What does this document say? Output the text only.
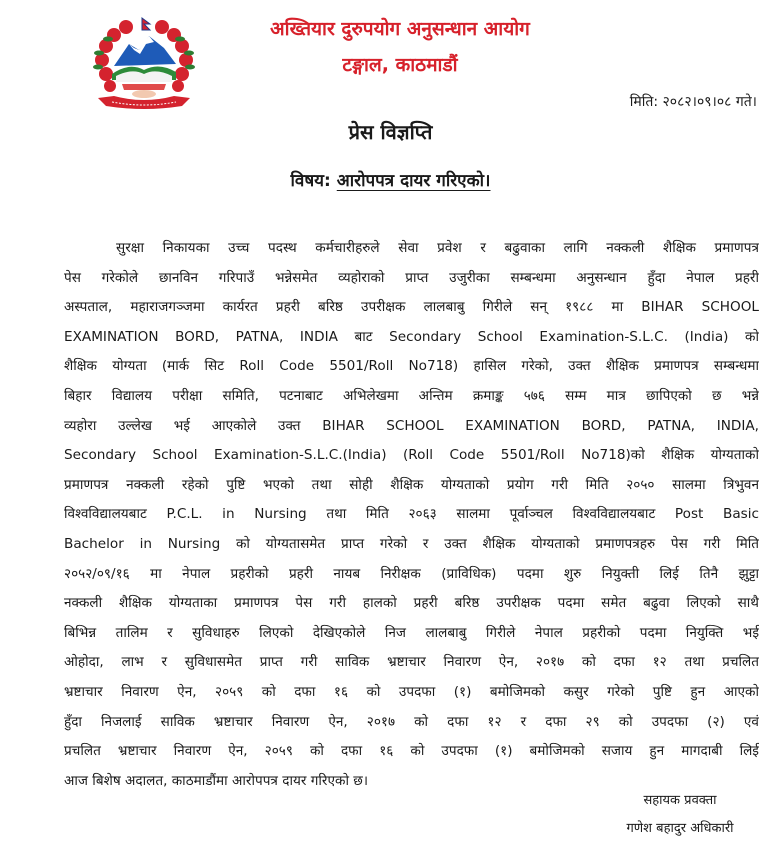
अख्तियार दुरुपयोग अनुसन्धान आयोग
टङ्गाल, काठमाडौं
मिति: २०८२।०९।०८ गते।
प्रेस विज्ञप्ति
विषय: आरोपपत्र दायर गरिएको।
सुरक्षा निकायका उच्च पदस्थ कर्मचारीहरुले सेवा प्रवेश र बढुवाका लागि नक्कली शैक्षिक प्रमाणपत्र
पेस गरेकोले छानविन गरिपाउँ भन्नेसमेत व्यहोराको प्राप्त उजुरीका सम्बन्धमा अनुसन्धान हुँदा नेपाल प्रहरी
अस्पताल, महाराजगञ्जमा कार्यरत प्रहरी बरिष्ठ उपरीक्षक लालबाबु गिरीले सन् १९८८ मा BIHAR SCHOOL
EXAMINATION BORD, PATNA, INDIA बाट Secondary School Examination-S.L.C. (India) को
शैक्षिक योग्यता (मार्क सिट Roll Code 5501/Roll No718) हासिल गरेको, उक्त शैक्षिक प्रमाणपत्र सम्बन्धमा
बिहार विद्यालय परीक्षा समिति, पटनाबाट अभिलेखमा अन्तिम क्रमाङ्क ५७६ सम्म मात्र छापिएको छ भन्ने
व्यहोरा उल्लेख भई आएकोले उक्त BIHAR SCHOOL EXAMINATION BORD, PATNA, INDIA,
Secondary School Examination-S.L.C.(India) (Roll Code 5501/Roll No718)को शैक्षिक योग्यताको
प्रमाणपत्र नक्कली रहेको पुष्टि भएको तथा सोही शैक्षिक योग्यताको प्रयोग गरी मिति २०५० सालमा त्रिभुवन
विश्वविद्यालयबाट P.C.L. in Nursing तथा मिति २०६३ सालमा पूर्वाञ्चल विश्वविद्यालयबाट Post Basic
Bachelor in Nursing को योग्यतासमेत प्राप्त गरेको र उक्त शैक्षिक योग्यताको प्रमाणपत्रहरु पेस गरी मिति
२०५२/०९/१६ मा नेपाल प्रहरीको प्रहरी नायब निरीक्षक (प्राविधिक) पदमा शुरु नियुक्ती लिई तिनै झुट्टा
नक्कली शैक्षिक योग्यताका प्रमाणपत्र पेस गरी हालको प्रहरी बरिष्ठ उपरीक्षक पदमा समेत बढुवा लिएको साथै
बिभिन्न तालिम र सुविधाहरु लिएको देखिएकोले निज लालबाबु गिरीले नेपाल प्रहरीको पदमा नियुक्ति भई
ओहोदा, लाभ र सुविधासमेत प्राप्त गरी साविक भ्रष्टाचार निवारण ऐन, २०१७ को दफा १२ तथा प्रचलित
भ्रष्टाचार निवारण ऐन, २०५९ को दफा १६ को उपदफा (१) बमोजिमको कसुर गरेको पुष्टि हुन आएको
हुँदा निजलाई साविक भ्रष्टाचार निवारण ऐन, २०१७ को दफा १२ र दफा २९ को उपदफा (२) एवं
प्रचलित भ्रष्टाचार निवारण ऐन, २०५९ को दफा १६ को उपदफा (१) बमोजिमको सजाय हुन मागदाबी लिई
आज बिशेष अदालत, काठमाडौंमा आरोपपत्र दायर गरिएको छ।
सहायक प्रवक्ता
गणेश बहादुर अधिकारी
